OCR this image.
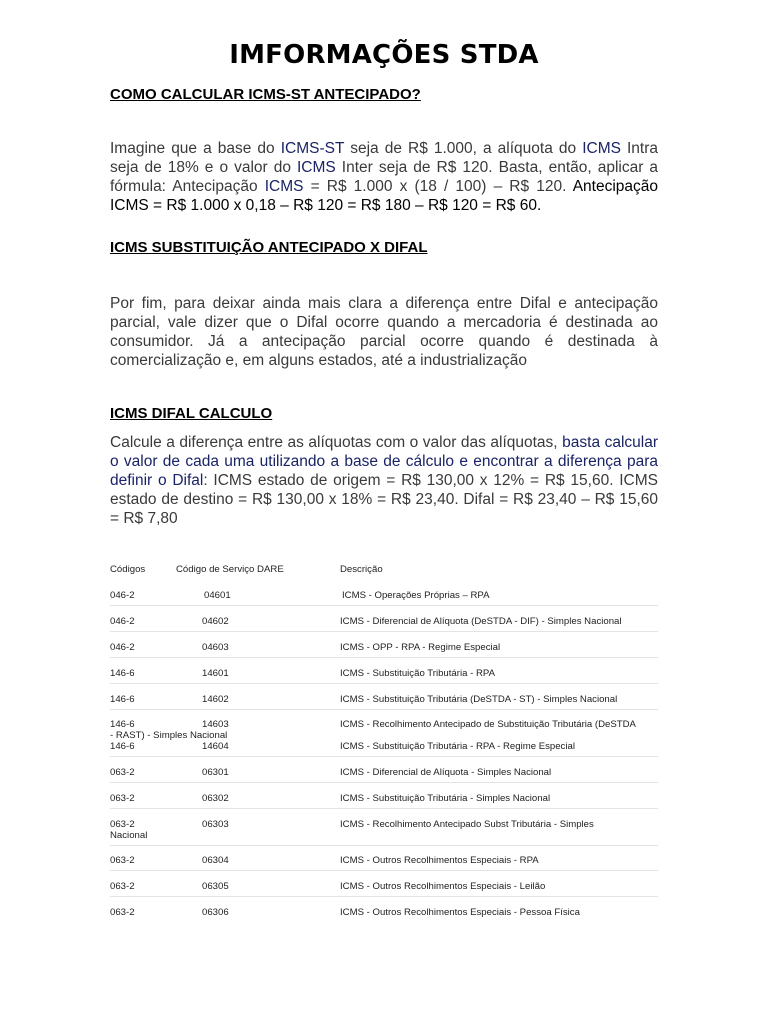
IMFORMAÇÕES STDA
COMO CALCULAR ICMS-ST ANTECIPADO?
Imagine que a base do ICMS-ST seja de R$ 1.000, a alíquota do ICMS Intra seja de 18% e o valor do ICMS Inter seja de R$ 120. Basta, então, aplicar a fórmula: Antecipação ICMS = R$ 1.000 x (18 / 100) – R$ 120. Antecipação ICMS = R$ 1.000 x 0,18 – R$ 120 = R$ 180 – R$ 120 = R$ 60.
ICMS SUBSTITUIÇÃO ANTECIPADO X DIFAL
Por fim, para deixar ainda mais clara a diferença entre Difal e antecipação parcial, vale dizer que o Difal ocorre quando a mercadoria é destinada ao consumidor. Já a antecipação parcial ocorre quando é destinada à comercialização e, em alguns estados, até a industrialização
ICMS DIFAL CALCULO
Calcule a diferença entre as alíquotas com o valor das alíquotas, basta calcular o valor de cada uma utilizando a base de cálculo e encontrar a diferença para definir o Difal: ICMS estado de origem = R$ 130,00 x 12% = R$ 15,60. ICMS estado de destino = R$ 130,00 x 18% = R$ 23,40. Difal = R$ 23,40 – R$ 15,60 = R$ 7,80
Códigos	Código de Serviço DARE	Descrição
046-2	04601	ICMS - Operações Próprias – RPA
046-2	04602	ICMS - Diferencial de Alíquota (DeSTDA - DIF) - Simples Nacional
046-2	04603	ICMS - OPP - RPA - Regime Especial
146-6	14601	ICMS - Substituição Tributária - RPA
146-6	14602	ICMS - Substituição Tributária (DeSTDA - ST) - Simples Nacional
146-6	14603	ICMS - Recolhimento Antecipado de Substituição Tributária (DeSTDA
- RAST) - Simples Nacional
146-6	14604	ICMS - Substituição Tributária - RPA - Regime Especial
063-2	06301	ICMS - Diferencial de Alíquota - Simples Nacional
063-2	06302	ICMS - Substituição Tributária - Simples Nacional
063-2	06303	ICMS - Recolhimento Antecipado Subst Tributária - Simples
Nacional
063-2	06304	ICMS - Outros Recolhimentos Especiais - RPA
063-2	06305	ICMS - Outros Recolhimentos Especiais - Leilão
063-2	06306	ICMS - Outros Recolhimentos Especiais - Pessoa Física
